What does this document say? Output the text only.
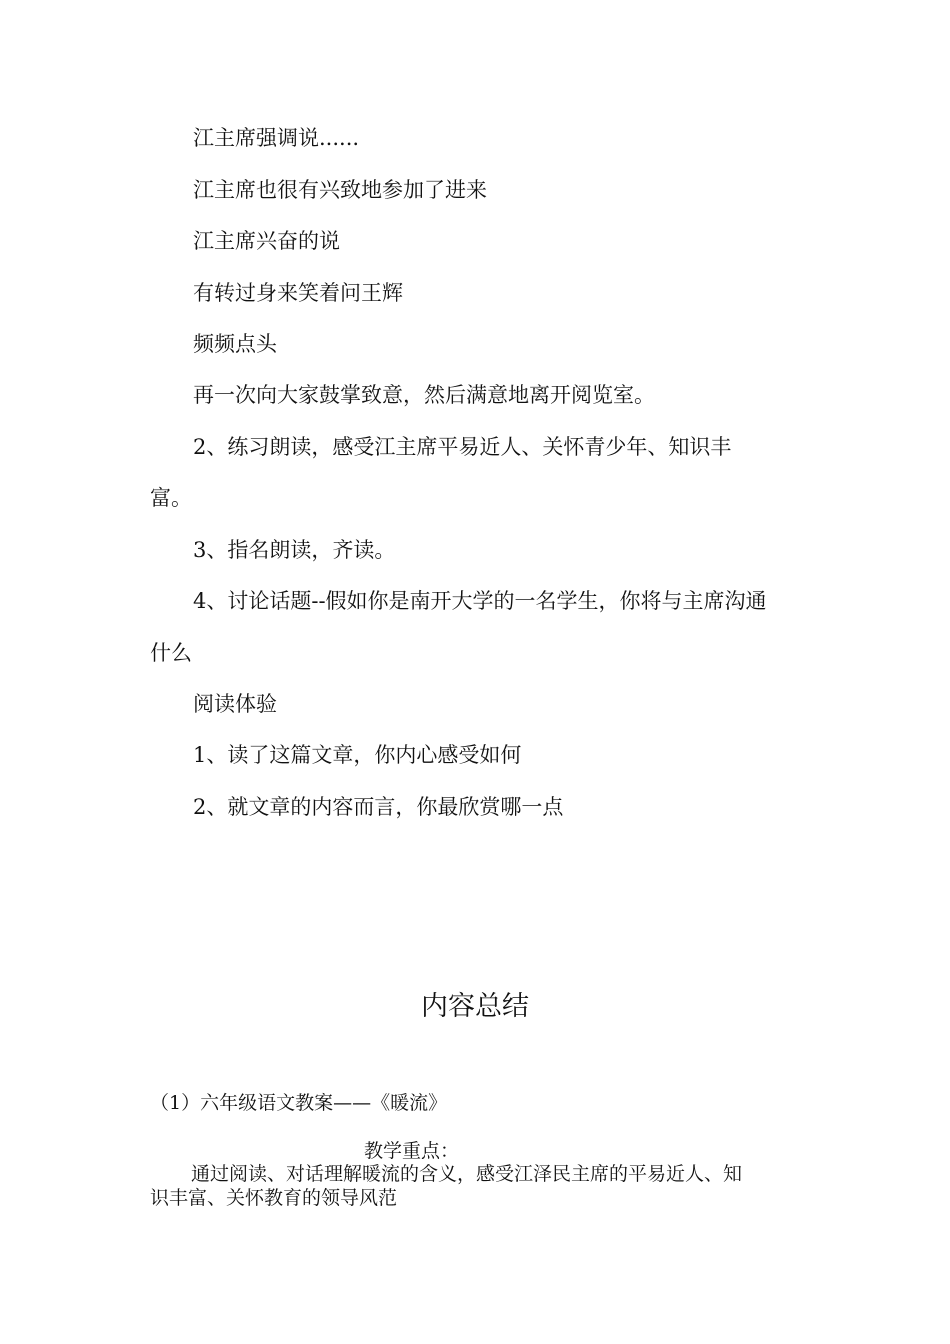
江主席强调说......
江主席也很有兴致地参加了进来
江主席兴奋的说
有转过身来笑着问王辉
频频点头
再一次向大家鼓掌致意，然后满意地离开阅览室。
2、练习朗读，感受江主席平易近人、关怀青少年、知识丰
富。
3、指名朗读，齐读。
4、讨论话题--假如你是南开大学的一名学生，你将与主席沟通
什么
阅读体验
1、读了这篇文章，你内心感受如何
2、就文章的内容而言，你最欣赏哪一点
内容总结
（1）六年级语文教案——《暖流》
教学重点：
通过阅读、对话理解暖流的含义，感受江泽民主席的平易近人、知
识丰富、关怀教育的领导风范
